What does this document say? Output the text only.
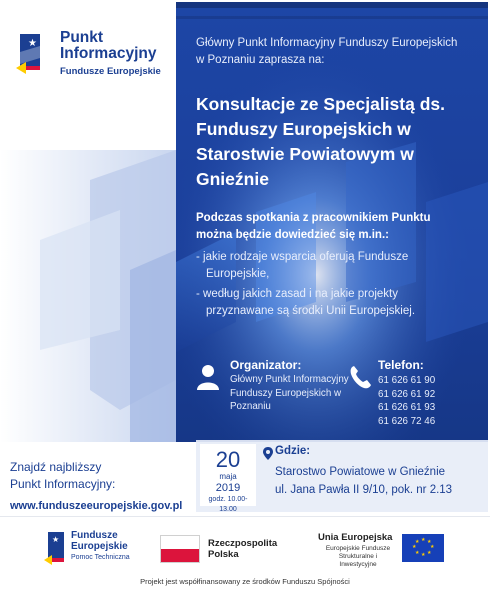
★ Punkt Informacyjny
Fundusze Europejskie
Główny Punkt Informacyjny Funduszy Europejskich w Poznaniu zaprasza na:
Konsultacje ze Specjalistą ds. Funduszy Europejskich w Starostwie Powiatowym w Gnieźnie
Podczas spotkania z pracownikiem Punktu można będzie dowiedzieć się m.in.:
- jakie rodzaje wsparcia oferują Fundusze Europejskie,
- według jakich zasad i na jakie projekty przyznawane są środki Unii Europejskiej.
Organizator:
Główny Punkt Informacyjny Funduszy Europejskich w Poznaniu
Telefon:
61 626 61 90
61 626 61 92
61 626 61 93
61 626 72 46
Znajdź najbliższy
Punkt Informacyjny:
www.funduszeeuropejskie.gov.pl
20
maja
2019
godz. 10.00-13.00
Gdzie:
Starostwo Powiatowe w Gnieźnie
ul. Jana Pawła II 9/10, pok. nr 2.13
★ Fundusze Europejskie
Pomoc Techniczna
Rzeczpospolita Polska
Unia Europejska
Europejskie Fundusze Strukturalne i Inwestycyjne
★ ★
★
★
★
★
★
★
Projekt jest współfinansowany ze środków Funduszu Spójności
